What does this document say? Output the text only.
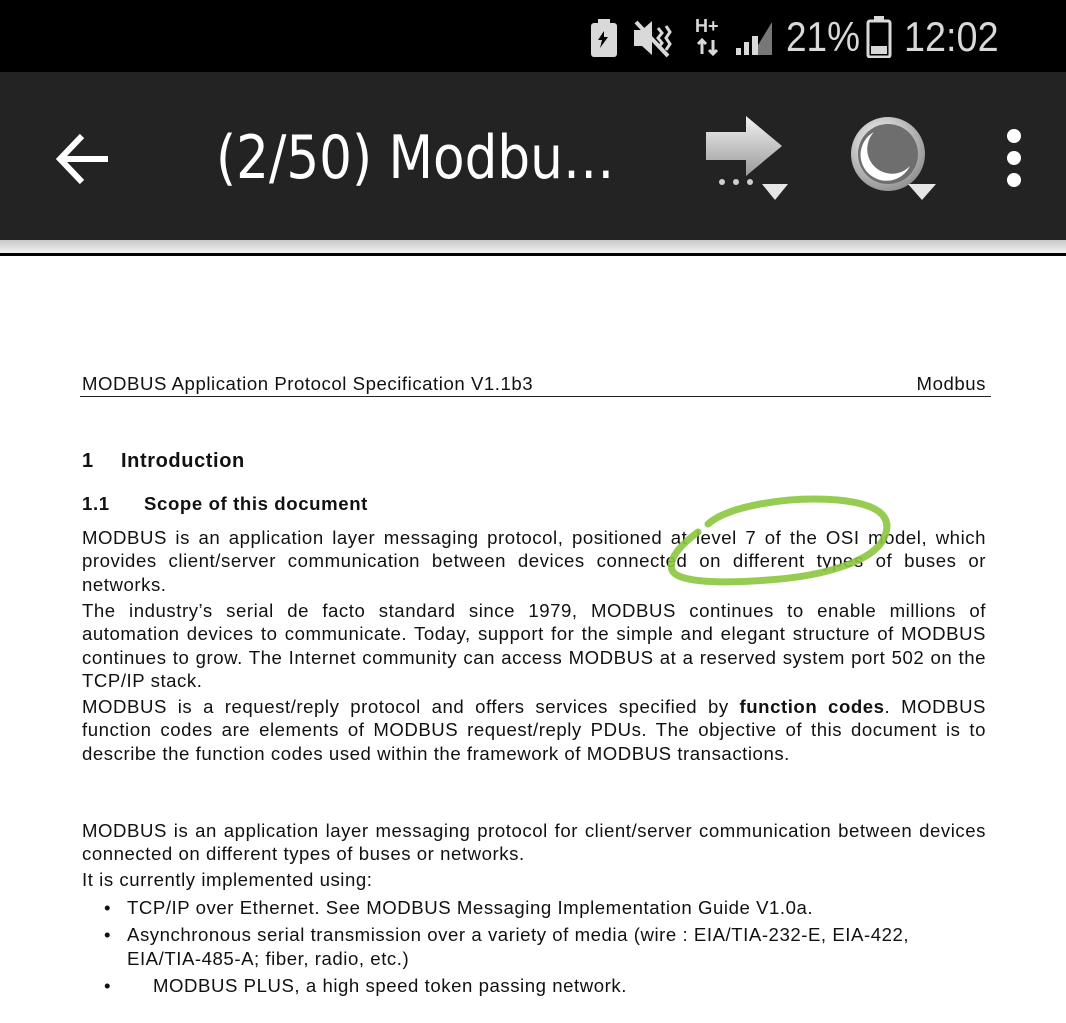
H+ 21% 12:02
(2/50) Modbu…
MODBUS Application Protocol Specification V1.1b3	Modbus
1 Introduction
1.1 Scope of this document

MODBUS is an application layer messaging protocol, positioned at level 7 of the OSI model, which provides client/server communication between devices connected on different types of buses or networks.

The industry’s serial de facto standard since 1979, MODBUS continues to enable millions of automation devices to communicate. Today, support for the simple and elegant structure of MODBUS continues to grow. The Internet community can access MODBUS at a reserved system port 502 on the TCP/IP stack.

MODBUS is a request/reply protocol and offers services specified by function codes. MODBUS function codes are elements of MODBUS request/reply PDUs. The objective of this document is to describe the function codes used within the framework of MODBUS transactions.

MODBUS is an application layer messaging protocol for client/server communication between devices connected on different types of buses or networks.

It is currently implemented using:

• TCP/IP over Ethernet. See MODBUS Messaging Implementation Guide V1.0a.
• Asynchronous serial transmission over a variety of media (wire : EIA/TIA-232-E, EIA-422, EIA/TIA-485-A; fiber, radio, etc.)
• MODBUS PLUS, a high speed token passing network.
